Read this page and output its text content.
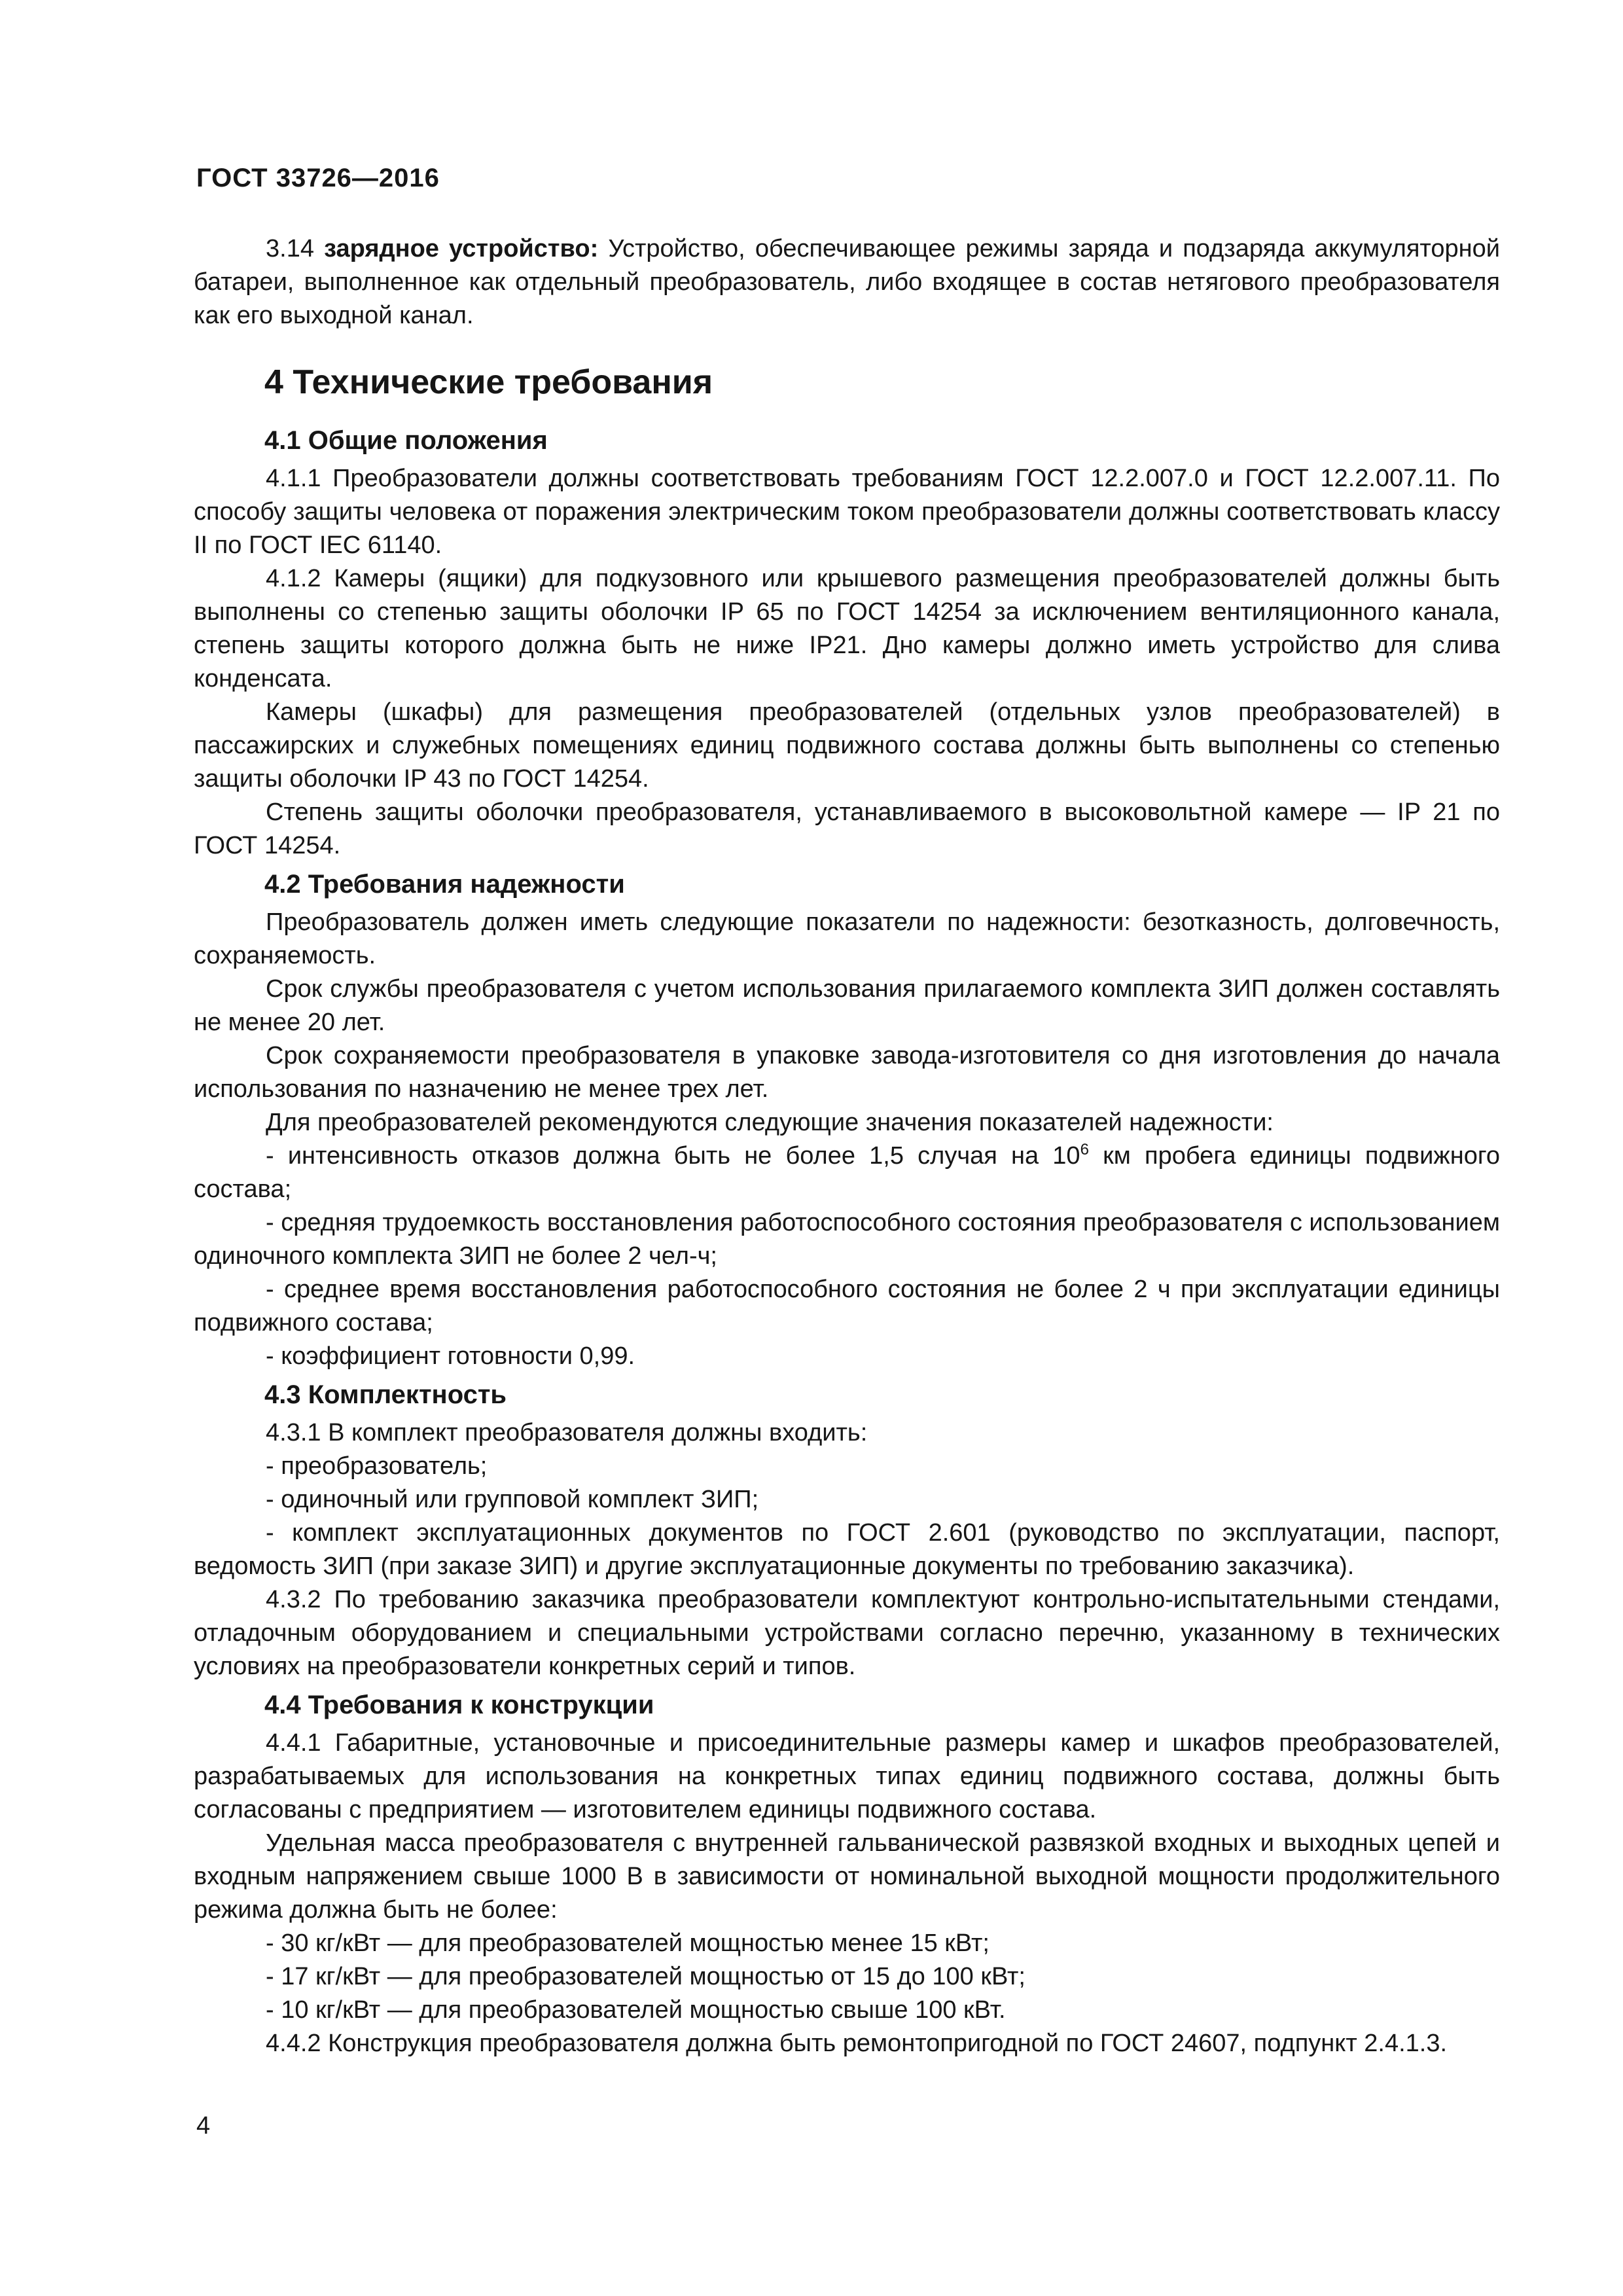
ГОСТ 33726—2016

3.14 зарядное устройство: Устройство, обеспечивающее режимы заряда и подзаряда аккумуляторной батареи, выполненное как отдельный преобразователь, либо входящее в состав нетягового преобразователя как его выходной канал.

4 Технические требования
4.1 Общие положения

4.1.1 Преобразователи должны соответствовать требованиям ГОСТ 12.2.007.0 и ГОСТ 12.2.007.11. По способу защиты человека от поражения электрическим током преобразователи должны соответствовать классу II по ГОСТ IEC 61140.

4.1.2 Камеры (ящики) для подкузовного или крышевого размещения преобразователей должны быть выполнены со степенью защиты оболочки IP 65 по ГОСТ 14254 за исключением вентиляционного канала, степень защиты которого должна быть не ниже IP21. Дно камеры должно иметь устройство для слива конденсата.

Камеры (шкафы) для размещения преобразователей (отдельных узлов преобразователей) в пассажирских и служебных помещениях единиц подвижного состава должны быть выполнены со степенью защиты оболочки IP 43 по ГОСТ 14254.

Степень защиты оболочки преобразователя, устанавливаемого в высоковольтной камере — IP 21 по ГОСТ 14254.

4.2 Требования надежности

Преобразователь должен иметь следующие показатели по надежности: безотказность, долговечность, сохраняемость.

Срок службы преобразователя с учетом использования прилагаемого комплекта ЗИП должен составлять не менее 20 лет.

Срок сохраняемости преобразователя в упаковке завода-изготовителя со дня изготовления до начала использования по назначению не менее трех лет.

Для преобразователей рекомендуются следующие значения показателей надежности:

- интенсивность отказов должна быть не более 1,5 случая на $10^6$ км пробега единицы подвижного состава;

- средняя трудоемкость восстановления работоспособного состояния преобразователя с использованием одиночного комплекта ЗИП не более 2 чел-ч;

- среднее время восстановления работоспособного состояния не более 2 ч при эксплуатации единицы подвижного состава;

- коэффициент готовности 0,99.

4.3 Комплектность

4.3.1 В комплект преобразователя должны входить:

- преобразователь;

- одиночный или групповой комплект ЗИП;

- комплект эксплуатационных документов по ГОСТ 2.601 (руководство по эксплуатации, паспорт, ведомость ЗИП (при заказе ЗИП) и другие эксплуатационные документы по требованию заказчика).

4.3.2 По требованию заказчика преобразователи комплектуют контрольно-испытательными стендами, отладочным оборудованием и специальными устройствами согласно перечню, указанному в технических условиях на преобразователи конкретных серий и типов.

4.4 Требования к конструкции

4.4.1 Габаритные, установочные и присоединительные размеры камер и шкафов преобразователей, разрабатываемых для использования на конкретных типах единиц подвижного состава, должны быть согласованы с предприятием — изготовителем единицы подвижного состава.

Удельная масса преобразователя с внутренней гальванической развязкой входных и выходных цепей и входным напряжением свыше 1000 В в зависимости от номинальной выходной мощности продолжительного режима должна быть не более:

- 30 кг/кВт — для преобразователей мощностью менее 15 кВт;

- 17 кг/кВт — для преобразователей мощностью от 15 до 100 кВт;

- 10 кг/кВт — для преобразователей мощностью свыше 100 кВт.

4.4.2 Конструкция преобразователя должна быть ремонтопригодной по ГОСТ 24607, подпункт 2.4.1.3.

4
